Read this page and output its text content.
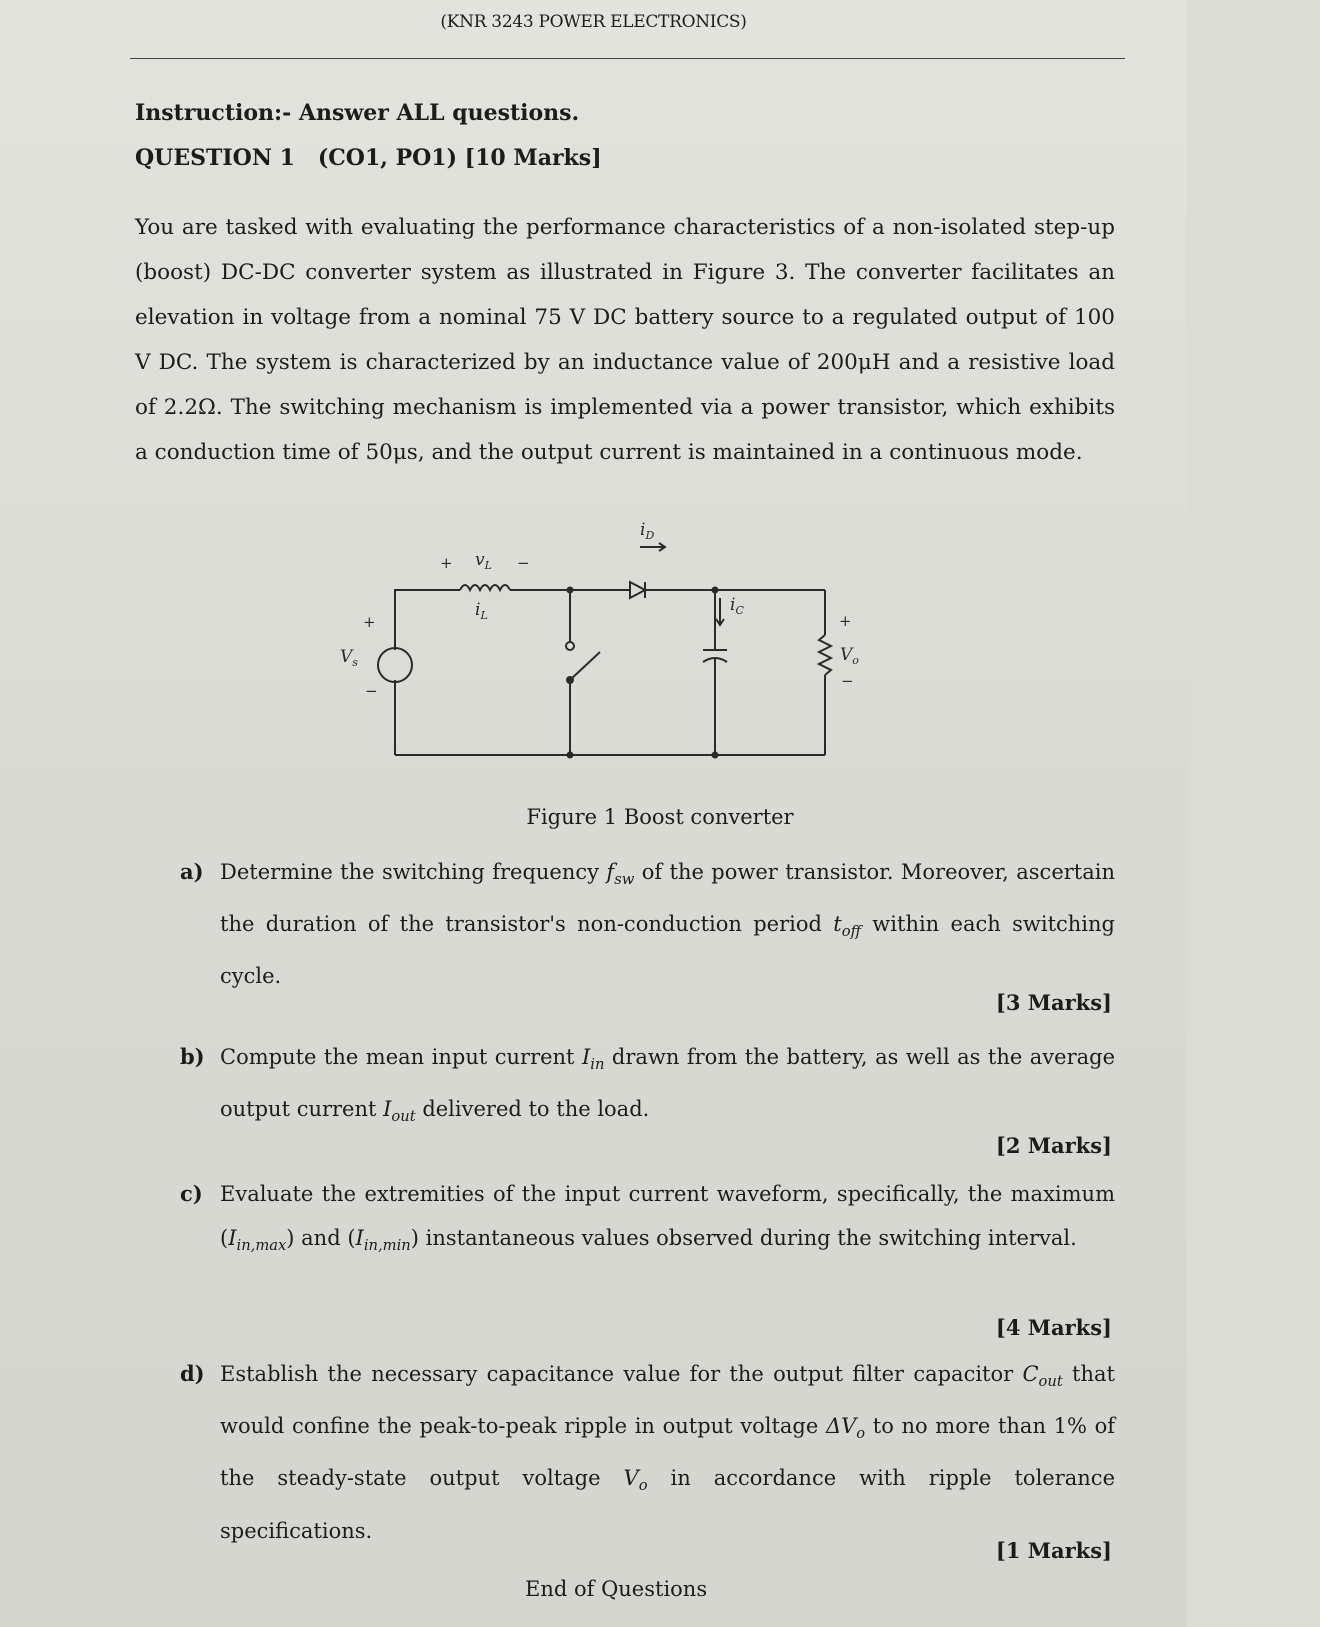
(KNR 3243 POWER ELECTRONICS)
Instruction:- Answer ALL questions.
QUESTION 1   (CO1, PO1) [10 Marks]
You are tasked with evaluating the performance characteristics of a non-isolated step-up (boost) DC-DC converter system as illustrated in Figure 3. The converter facilitates an elevation in voltage from a nominal 75 V DC battery source to a regulated output of 100 V DC. The system is characterized by an inductance value of 200μH and a resistive load of 2.2Ω. The switching mechanism is implemented via a power transistor, which exhibits a conduction time of 50μs, and the output current is maintained in a continuous mode.
$v_L$
$i_L$
$i_D$
$i_C$
$V_s$	$V_o$
+	−
+
−
+
−
Figure 1 Boost converter
a) Determine the switching frequency $f_{sw}$ of the power transistor. Moreover, ascertain the duration of the transistor's non-conduction period $t_{off}$ within each switching cycle.
[3 Marks]
b) Compute the mean input current $I_{in}$ drawn from the battery, as well as the average output current $I_{out}$ delivered to the load.
[2 Marks]
c) Evaluate the extremities of the input current waveform, specifically, the maximum $(I_{in,max})$ and $(I_{in,min})$ instantaneous values observed during the switching interval.
[4 Marks]
d) Establish the necessary capacitance value for the output filter capacitor $C_{out}$ that would confine the peak-to-peak ripple in output voltage $\Delta V_o$ to no more than 1% of the steady-state output voltage $V_o$ in accordance with ripple tolerance specifications.
[1 Marks]
End of Questions
